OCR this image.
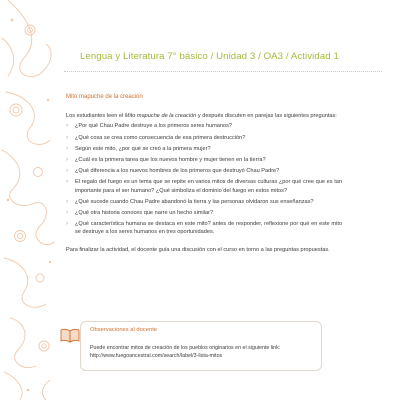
Lengua y Literatura 7° básico / Unidad 3 / OA3 / Actividad 1
Mito mapuche de la creación

Los estudiantes leen el Mito mapuche de la creación y después discuten en parejas las siguientes preguntas:

› ¿Por qué Chau Padre destruye a los primeros seres humanos?
› ¿Qué cosa se crea como consecuencia de esa primera destrucción?
› Según este mito, ¿por qué se creó a la primera mujer?
› ¿Cuál es la primera tarea que los nuevos hombre y mujer tienen en la tierra?
› ¿Qué diferencia a los nuevos hombres de los primeros que destruyó Chau Padre?
› El regalo del fuego es un tema que se repite en varios mitos de diversas culturas ¿por qué cree que es tan importante para el ser humano? ¿Qué simboliza el dominio del fuego en estos mitos?
› ¿Qué sucede cuando Chau Padre abandonó la tierra y las personas olvidaron sus enseñanzas?
› ¿Qué otra historia conoces que narre un hecho similar?
› ¿Qué característica humana se destaca en este mito? antes de responder, reflexione por qué en este mito se destruye a los seres humanos en tres oportunidades.

Para finalizar la actividad, el docente guía una discusión con el curso en torno a las preguntas propuestas.

Observaciones al docente
Puede encontrar mitos de creación de los pueblos originarios en el siguiente link:
http://www.fuegoancestral.com/search/label/3-lista-mitos
